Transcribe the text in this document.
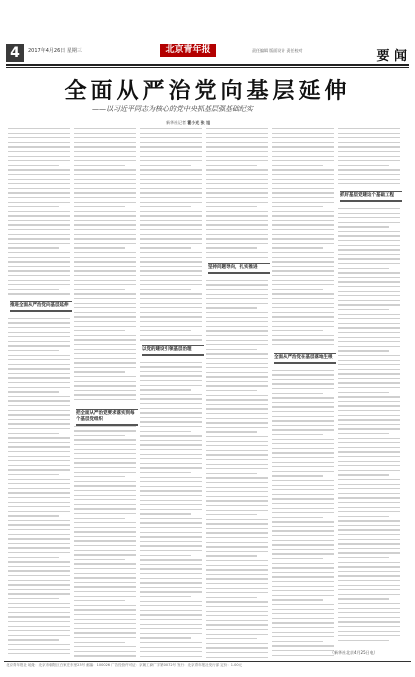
4	2017年4月26日 星期三	北京青年报	责任编辑 版面设计 责任校对	要 闻
全面从严治党向基层延伸
——以习近平同志为核心的党中央抓基层强基础纪实
新华社记者 霍小光 张 旭
推进全面从严治党向基层延伸
把全面从严治党要求落实到每个基层党组织
以党的建设引领基层治理
坚持问题导向，扎实推进
全面从严治党在基层落地生根
抓好基层党建这个基础工程
（新华社北京4月25日电）
北京青年报社 地址：北京市朝阳区白家庄东里23号 邮编：100026 广告经营许可证：京朝工商广字第0072号 发行：北京青年报社发行部 定价：1.00元
